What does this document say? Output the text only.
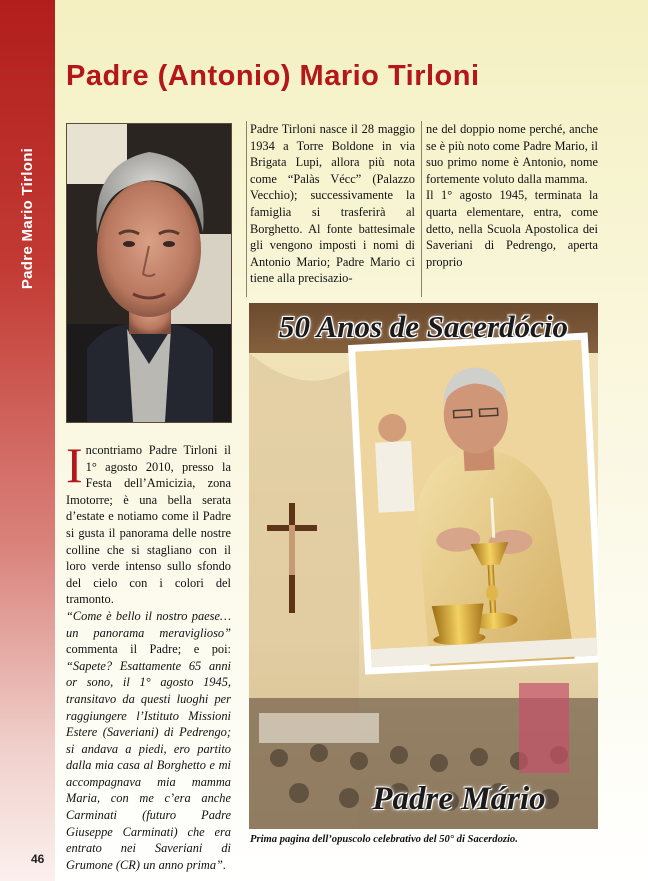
Padre Mario Tirloni
46
Padre (Antonio) Mario Tirloni

Incontriamo Padre Tirloni il 1° agosto 2010, presso la Festa dell’Amicizia, zona Imotorre; è una bella serata d’estate e notiamo come il Padre si gusta il panorama delle nostre colline che si stagliano con il loro verde intenso sullo sfondo del cielo con i colori del tramonto.

“Come è bello il nostro paese… un panorama meraviglioso” commenta il Padre; e poi: “Sapete? Esattamente 65 anni or sono, il 1° agosto 1945, transitavo da questi luoghi per raggiungere l’Istituto Missioni Estere (Saveriani) di Pedrengo; si andava a piedi, ero partito dalla mia casa al Borghetto e mi accompagnava mia mamma Maria, con me c’era anche Carminati (futuro Padre Giuseppe Carminati) che era entrato nei Saveriani di Grumone (CR) un anno prima”.

Padre Tirloni nasce il 28 maggio 1934 a Torre Boldone in via Brigata Lupi, allora più nota come “Palàs Vécc” (Palazzo Vecchio); successivamente la famiglia si trasferirà al Borghetto. Al fonte battesimale gli vengono imposti i nomi di Antonio Mario; Padre Mario ci tiene alla precisazio-

ne del doppio nome perché, anche se è più noto come Padre Mario, il suo primo nome è Antonio, nome fortemente voluto dalla mamma.

Il 1° agosto 1945, terminata la quarta elementare, entra, come detto, nella Scuola Apostolica dei Saveriani di Pedrengo, aperta proprio

50 Anos de Sacerdócio
Padre Mário

Prima pagina dell’opuscolo celebrativo del 50° di Sacerdozio.
